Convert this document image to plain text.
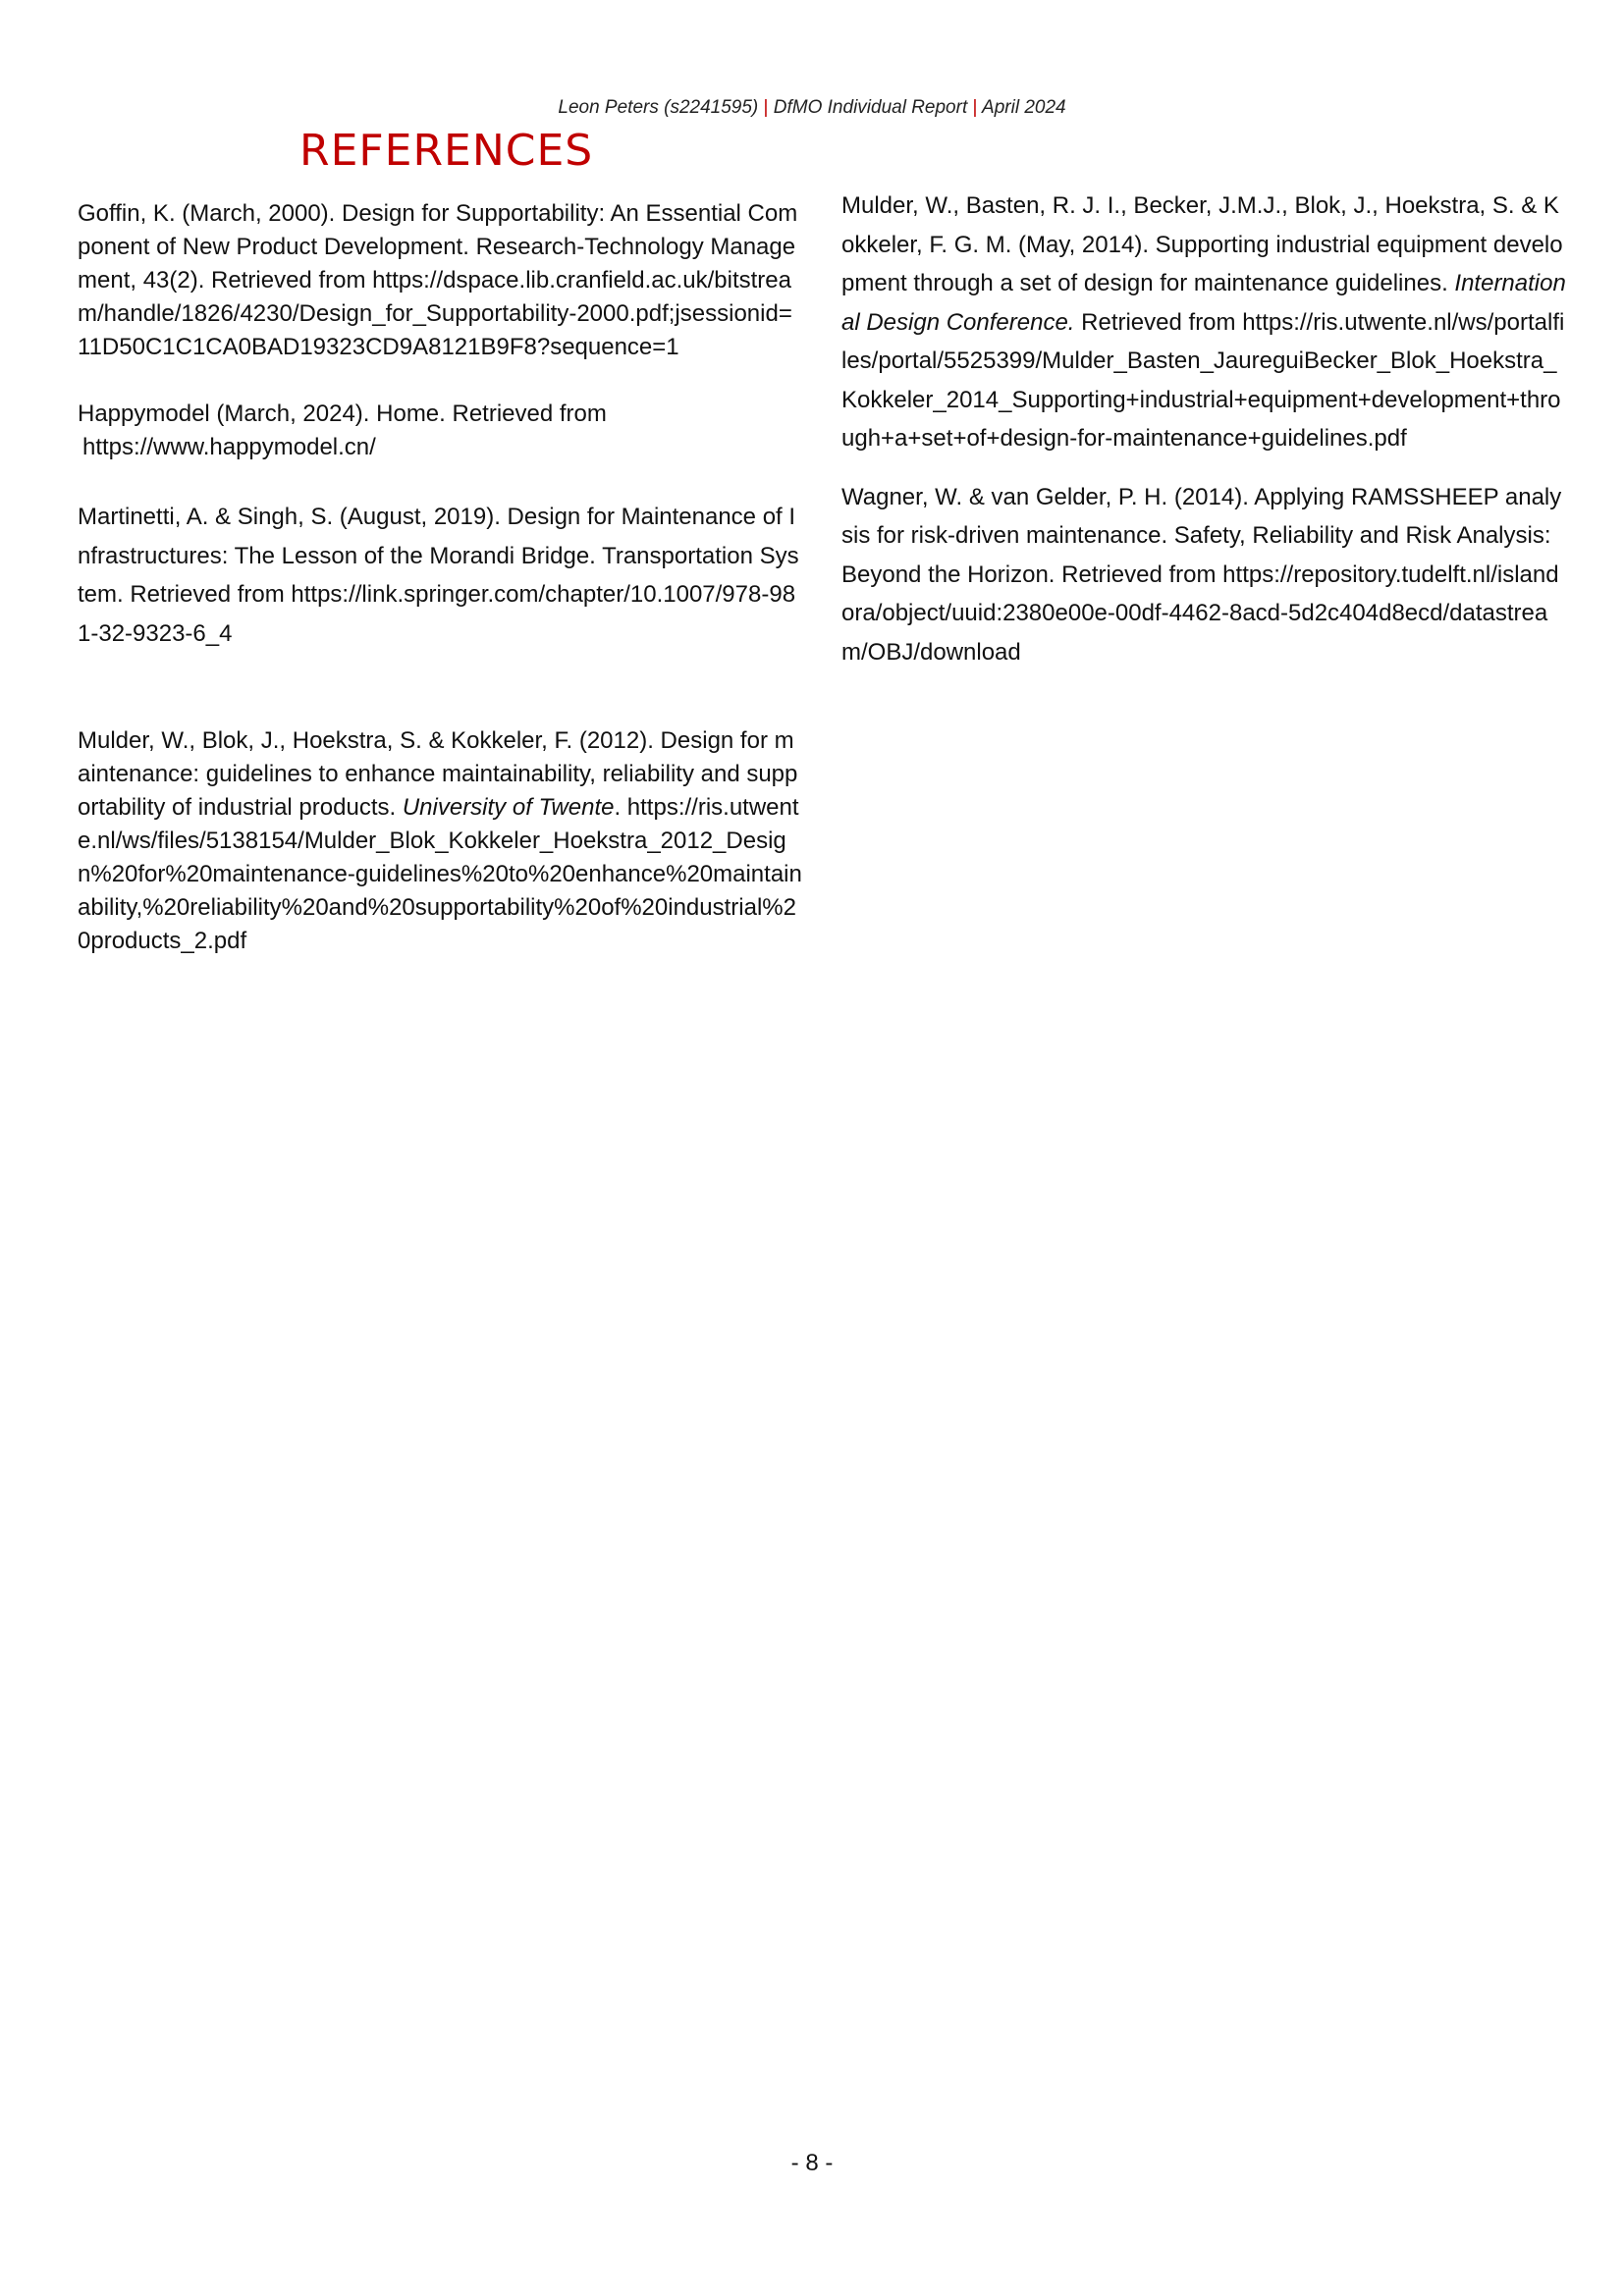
Leon Peters (s2241595) | DfMO Individual Report | April 2024
REFERENCES

Goffin, K. (March, 2000). Design for Supportability: An Essential Component of New Product Development. Research-Technology Management, 43(2). Retrieved from https://dspace.lib.cranfield.ac.uk/bitstream/handle/1826/4230/Design_for_Supportability-2000.pdf;jsessionid=11D50C1C1CA0BAD19323CD9A8121B9F8?sequence=1

Happymodel (March, 2024). Home. Retrieved from
https://www.happymodel.cn/

Martinetti, A. & Singh, S. (August, 2019). Design for Maintenance of Infrastructures: The Lesson of the Morandi Bridge. Transportation System. Retrieved from https://link.springer.com/chapter/10.1007/978-981-32-9323-6_4

Mulder, W., Blok, J., Hoekstra, S. & Kokkeler, F. (2012). Design for maintenance: guidelines to enhance maintainability, reliability and supportability of industrial products. University of Twente. https://ris.utwente.nl/ws/files/5138154/Mulder_Blok_Kokkeler_Hoekstra_2012_Design%20for%20maintenance-guidelines%20to%20enhance%20maintainability,%20reliability%20and%20supportability%20of%20industrial%20products_2.pdf

Mulder, W., Basten, R. J. I., Becker, J.M.J., Blok, J., Hoekstra, S. & Kokkeler, F. G. M. (May, 2014). Supporting industrial equipment development through a set of design for maintenance guidelines. International Design Conference. Retrieved from https://ris.utwente.nl/ws/portalfiles/portal/5525399/Mulder_Basten_JaureguiBecker_Blok_Hoekstra_Kokkeler_2014_Supporting+industrial+equipment+development+through+a+set+of+design-for-maintenance+guidelines.pdf

Wagner, W. & van Gelder, P. H. (2014). Applying RAMSSHEEP analysis for risk-driven maintenance. Safety, Reliability and Risk Analysis: Beyond the Horizon. Retrieved from https://repository.tudelft.nl/islandora/object/uuid:2380e00e-00df-4462-8acd-5d2c404d8ecd/datastream/OBJ/download

- 8 -
